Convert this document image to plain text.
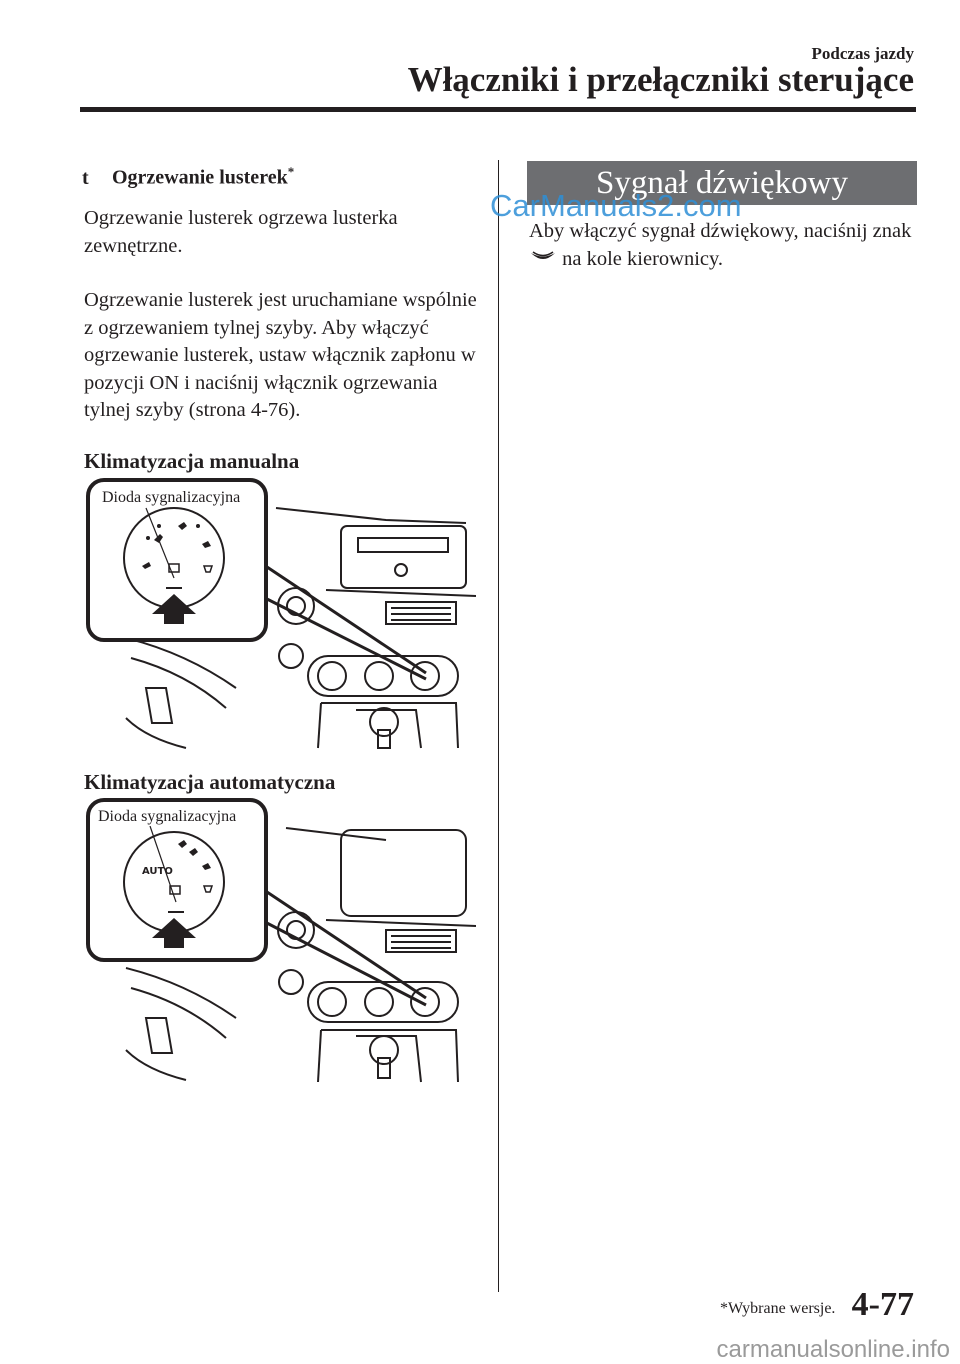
Podczas jazdy
Włączniki i przełączniki sterujące
t Ogrzewanie lusterek*
Ogrzewanie lusterek ogrzewa lusterka zewnętrzne.
Ogrzewanie lusterek jest uruchamiane wspólnie z ogrzewaniem tylnej szyby. Aby włączyć ogrzewanie lusterek, ustaw włącznik zapłonu w pozycji ON i naciśnij włącznik ogrzewania tylnej szyby (strona 4-76).
Klimatyzacja manualna
Dioda sygnalizacyjna
Klimatyzacja automatyczna
AUTO
Dioda sygnalizacyjna
Sygnał dźwiękowy
CarManuals2.com
Aby włączyć sygnał dźwiękowy, naciśnij znak  na kole kierownicy.
*Wybrane wersje. 4-77
carmanualsonline.info
